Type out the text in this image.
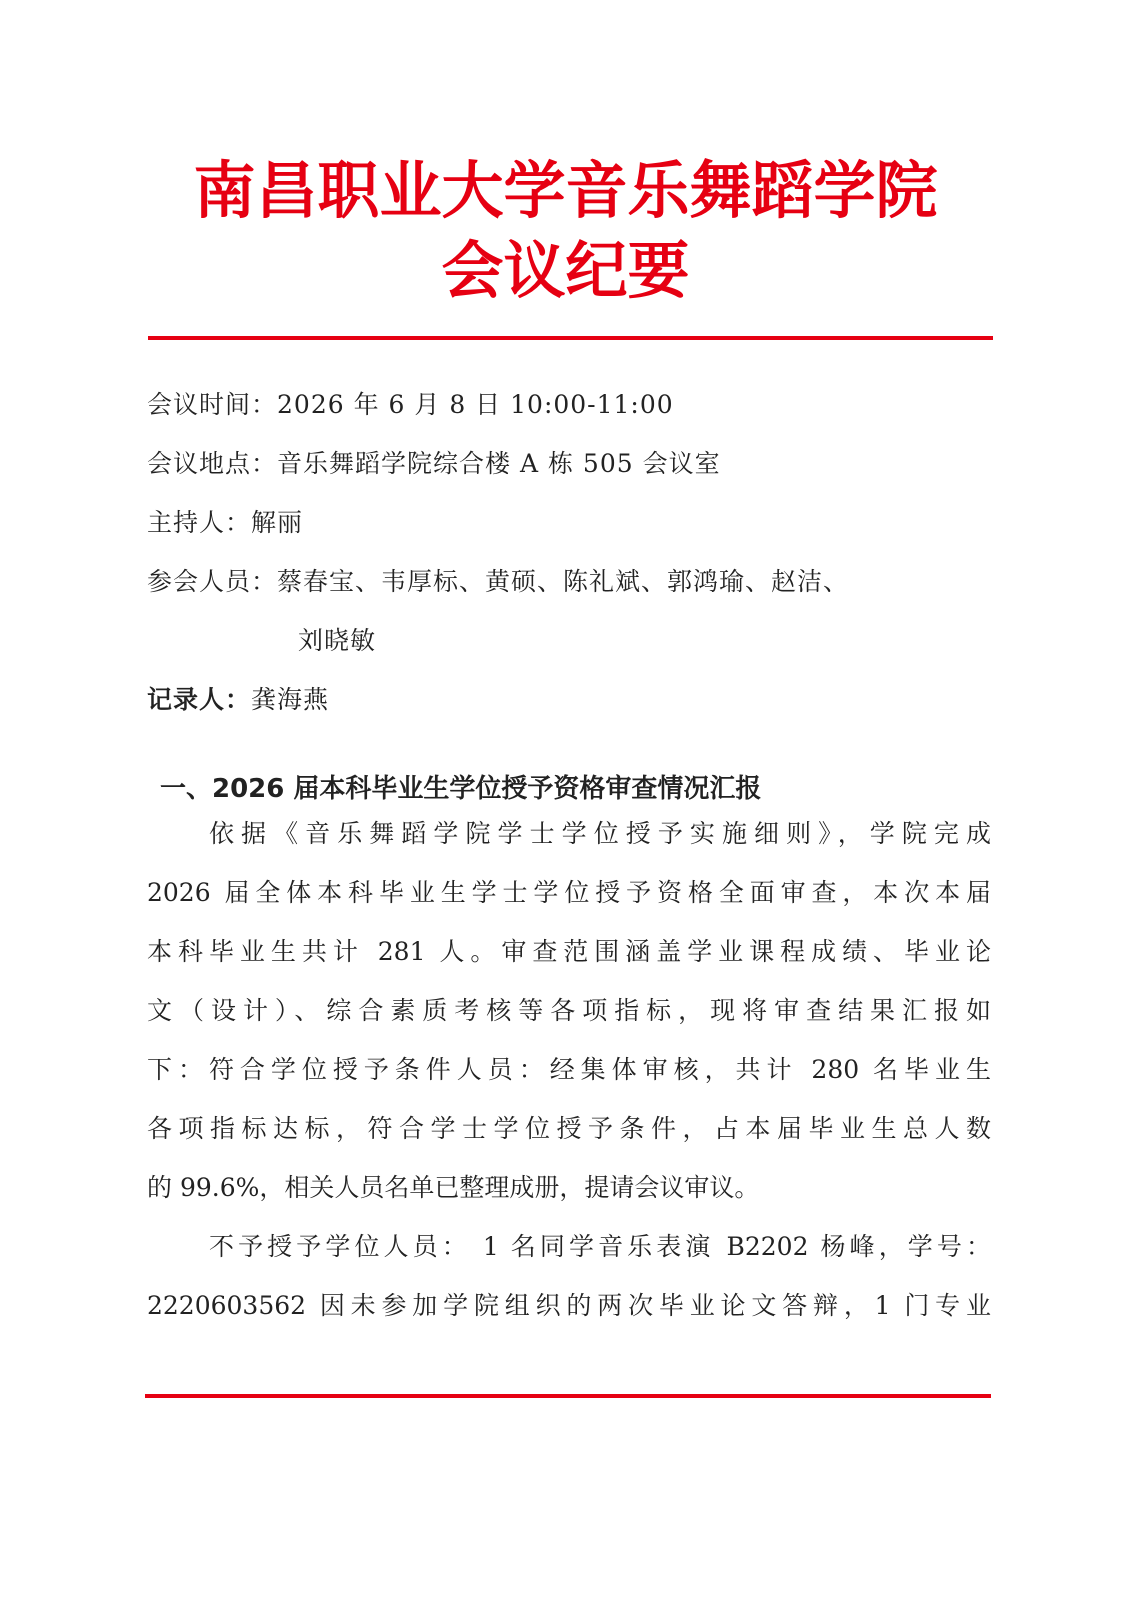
南昌职业大学音乐舞蹈学院
会议纪要
会议时间：2026 年 6 月 8 日 10:00-11:00
会议地点：音乐舞蹈学院综合楼 A 栋 505 会议室
主持人：解丽
参会人员：蔡春宝、韦厚标、黄硕、陈礼斌、郭鸿瑜、赵洁、
刘晓敏
记录人：龚海燕
一、2026 届本科毕业生学位授予资格审查情况汇报
依据《音乐舞蹈学院学士学位授予实施细则》，学院完成
2026 届全体本科毕业生学士学位授予资格全面审查，本次本届
本科毕业生共计 281 人。审查范围涵盖学业课程成绩、毕业论
文（设计）、综合素质考核等各项指标，现将审查结果汇报如
下：符合学位授予条件人员：经集体审核，共计 280 名毕业生
各项指标达标，符合学士学位授予条件，占本届毕业生总人数
的 99.6%，相关人员名单已整理成册，提请会议审议。
不予授予学位人员： 1 名同学音乐表演 B2202 杨峰，学号：
2220603562 因未参加学院组织的两次毕业论文答辩，1 门专业
